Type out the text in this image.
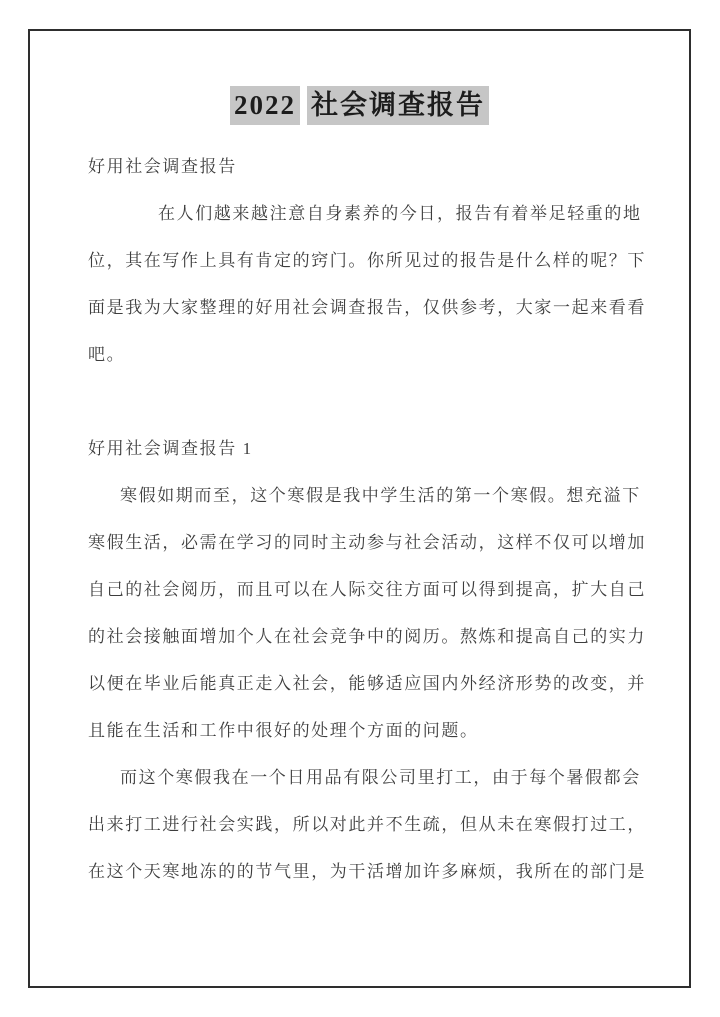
2022 社会调查报告
好用社会调查报告
在人们越来越注意自身素养的今日，报告有着举足轻重的地
位，其在写作上具有肯定的窍门。你所见过的报告是什么样的呢？下
面是我为大家整理的好用社会调查报告，仅供参考，大家一起来看看
吧。
好用社会调查报告 1
寒假如期而至，这个寒假是我中学生活的第一个寒假。想充溢下
寒假生活，必需在学习的同时主动参与社会活动，这样不仅可以增加
自己的社会阅历，而且可以在人际交往方面可以得到提高，扩大自己
的社会接触面增加个人在社会竞争中的阅历。熬炼和提高自己的实力
以便在毕业后能真正走入社会，能够适应国内外经济形势的改变，并
且能在生活和工作中很好的处理个方面的问题。
而这个寒假我在一个日用品有限公司里打工，由于每个暑假都会
出来打工进行社会实践，所以对此并不生疏，但从未在寒假打过工，
在这个天寒地冻的的节气里，为干活增加许多麻烦，我所在的部门是
